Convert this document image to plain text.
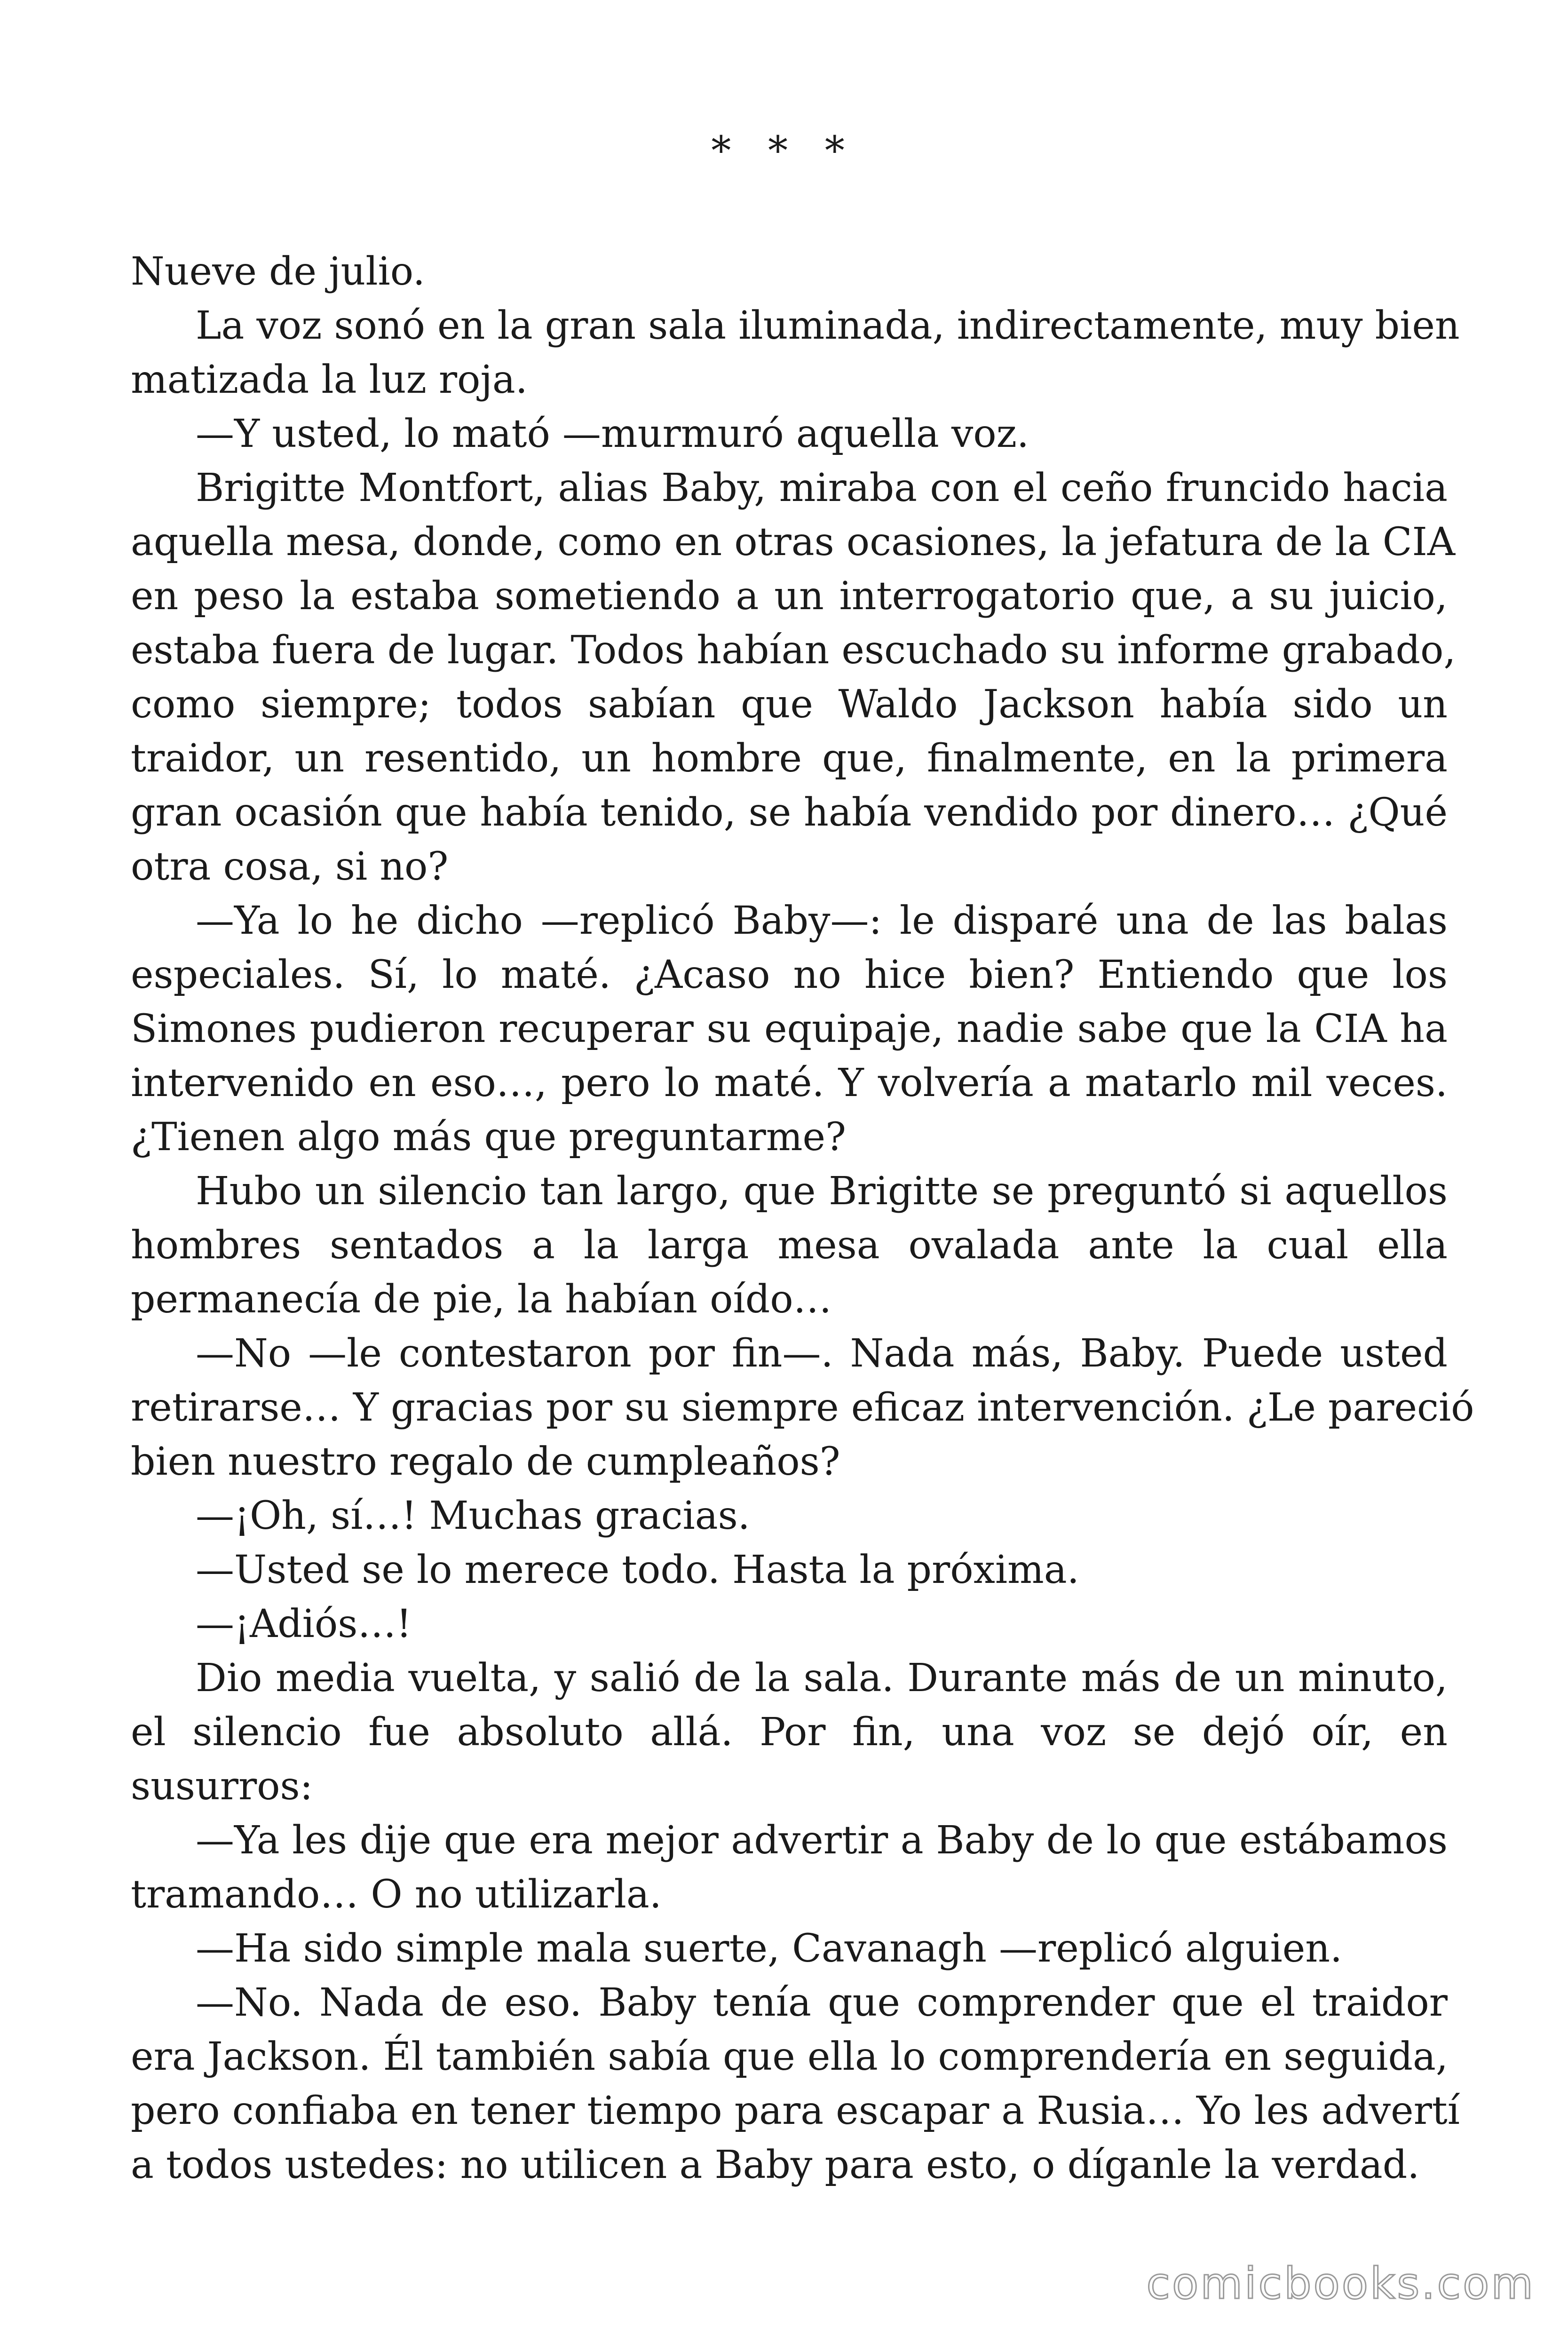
* * *
Nueve de julio.
La voz sonó en la gran sala iluminada, indirectamente, muy bien
matizada la luz roja.
—Y usted, lo mató —murmuró aquella voz.
Brigitte Montfort, alias Baby, miraba con el ceño fruncido hacia
aquella mesa, donde, como en otras ocasiones, la jefatura de la CIA
en peso la estaba sometiendo a un interrogatorio que, a su juicio,
estaba fuera de lugar. Todos habían escuchado su informe grabado,
como siempre; todos sabían que Waldo Jackson había sido un
traidor, un resentido, un hombre que, finalmente, en la primera
gran ocasión que había tenido, se había vendido por dinero… ¿Qué
otra cosa, si no?
—Ya lo he dicho —replicó Baby—: le disparé una de las balas
especiales. Sí, lo maté. ¿Acaso no hice bien? Entiendo que los
Simones pudieron recuperar su equipaje, nadie sabe que la CIA ha
intervenido en eso…, pero lo maté. Y volvería a matarlo mil veces.
¿Tienen algo más que preguntarme?
Hubo un silencio tan largo, que Brigitte se preguntó si aquellos
hombres sentados a la larga mesa ovalada ante la cual ella
permanecía de pie, la habían oído…
—No —le contestaron por fin—. Nada más, Baby. Puede usted
retirarse… Y gracias por su siempre eficaz intervención. ¿Le pareció
bien nuestro regalo de cumpleaños?
—¡Oh, sí…! Muchas gracias.
—Usted se lo merece todo. Hasta la próxima.
—¡Adiós…!
Dio media vuelta, y salió de la sala. Durante más de un minuto,
el silencio fue absoluto allá. Por fin, una voz se dejó oír, en
susurros:
—Ya les dije que era mejor advertir a Baby de lo que estábamos
tramando… O no utilizarla.
—Ha sido simple mala suerte, Cavanagh —replicó alguien.
—No. Nada de eso. Baby tenía que comprender que el traidor
era Jackson. Él también sabía que ella lo comprendería en seguida,
pero confiaba en tener tiempo para escapar a Rusia… Yo les advertí
a todos ustedes: no utilicen a Baby para esto, o díganle la verdad.
comicbooks.com
